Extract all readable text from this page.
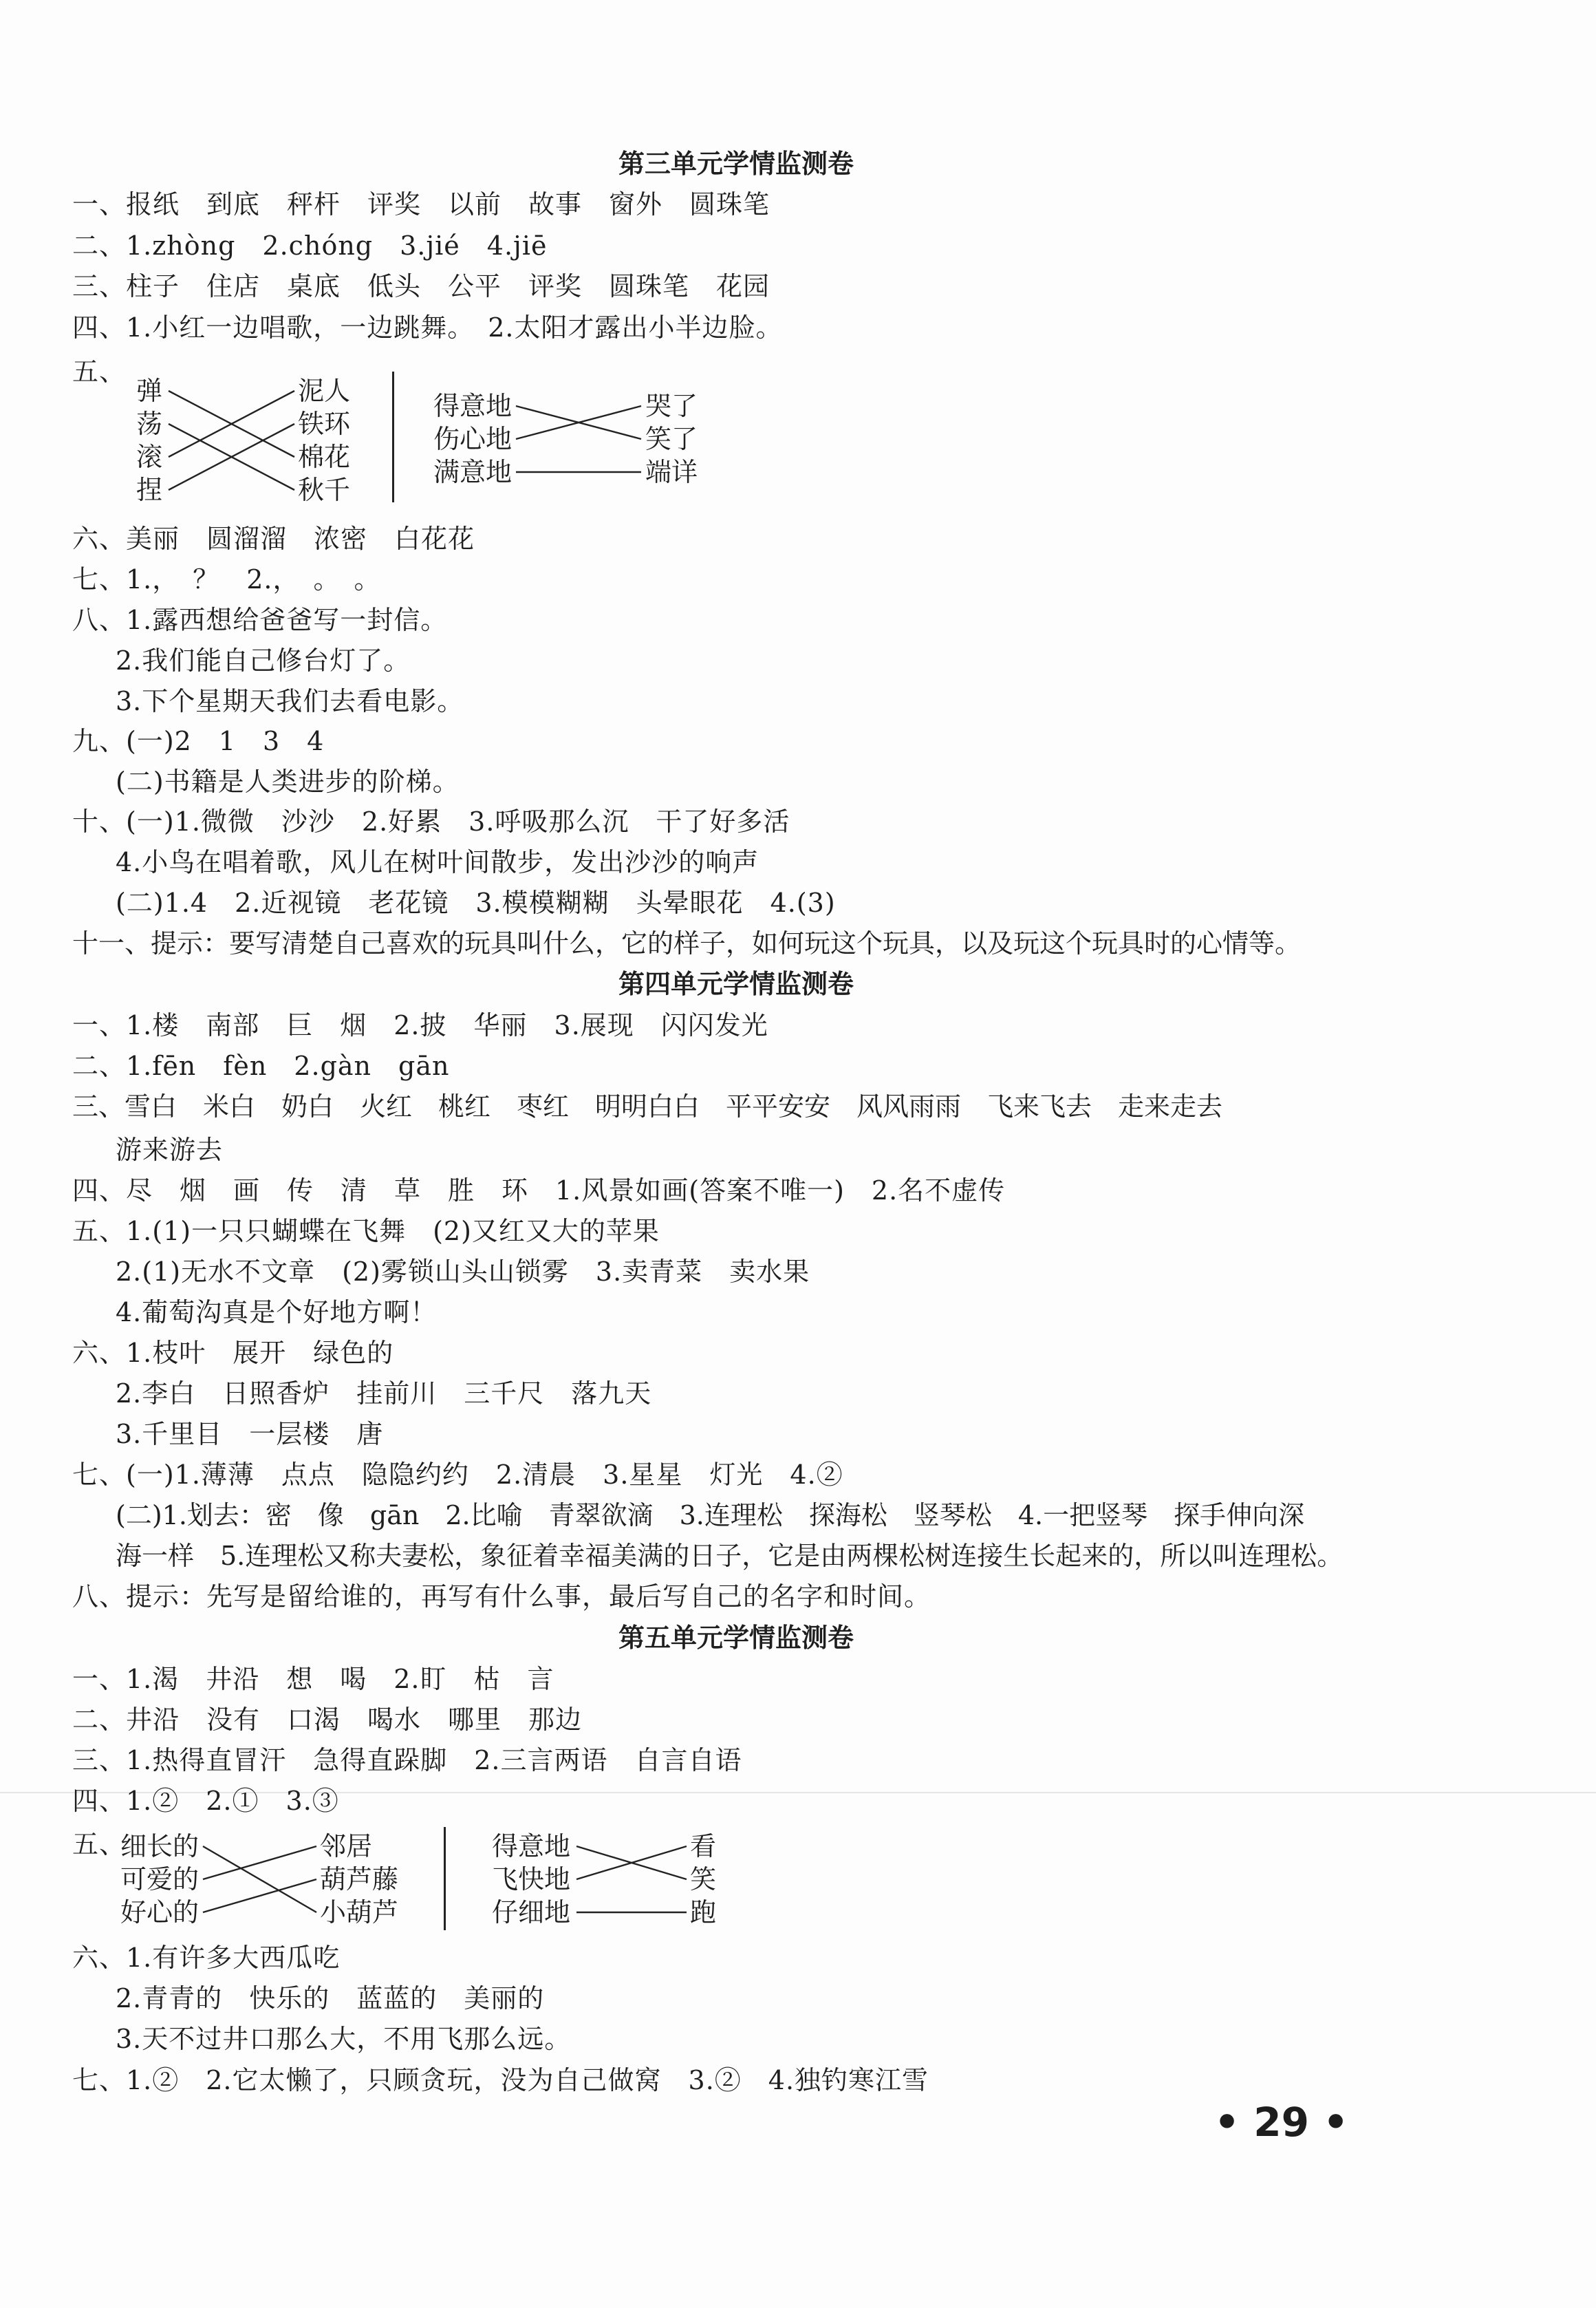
第三单元学情监测卷
一、报纸　到底　秤杆　评奖　以前　故事　窗外　圆珠笔
二、1.zhòng　2.chóng　3.jié　4.jiē
三、柱子　住店　桌底　低头　公平　评奖　圆珠笔　花园
四、1.小红一边唱歌，一边跳舞。　2.太阳才露出小半边脸。
五、
弹
荡
滚
捏
泥人
铁环
棉花
秋千
得意地
伤心地
满意地
哭了
笑了
端详
六、美丽　圆溜溜　浓密　白花花
七、1.，　？　2.，　。　。
八、1.露西想给爸爸写一封信。
2.我们能自己修台灯了。
3.下个星期天我们去看电影。
九、(一)2　1　3　4
(二)书籍是人类进步的阶梯。
十、(一)1.微微　沙沙　2.好累　3.呼吸那么沉　干了好多活
4.小鸟在唱着歌，风儿在树叶间散步，发出沙沙的响声
(二)1.4　2.近视镜　老花镜　3.模模糊糊　头晕眼花　4.(3)
十一、提示：要写清楚自己喜欢的玩具叫什么，它的样子，如何玩这个玩具，以及玩这个玩具时的心情等。
第四单元学情监测卷
一、1.楼　南部　巨　烟　2.披　华丽　3.展现　闪闪发光
二、1.fēn　fèn　2.gàn　gān
三、雪白　米白　奶白　火红　桃红　枣红　明明白白　平平安安　风风雨雨　飞来飞去　走来走去
游来游去
四、尽　烟　画　传　清　草　胜　环　1.风景如画(答案不唯一)　2.名不虚传
五、1.(1)一只只蝴蝶在飞舞　(2)又红又大的苹果
2.(1)无水不文章　(2)雾锁山头山锁雾　3.卖青菜　卖水果
4.葡萄沟真是个好地方啊！
六、1.枝叶　展开　绿色的
2.李白　日照香炉　挂前川　三千尺　落九天
3.千里目　一层楼　唐
七、(一)1.薄薄　点点　隐隐约约　2.清晨　3.星星　灯光　4.②
(二)1.划去：密　像　gān　2.比喻　青翠欲滴　3.连理松　探海松　竖琴松　4.一把竖琴　探手伸向深
海一样　5.连理松又称夫妻松，象征着幸福美满的日子，它是由两棵松树连接生长起来的，所以叫连理松。
八、提示：先写是留给谁的，再写有什么事，最后写自己的名字和时间。
第五单元学情监测卷
一、1.渴　井沿　想　喝　2.盯　枯　言
二、井沿　没有　口渴　喝水　哪里　那边
三、1.热得直冒汗　急得直跺脚　2.三言两语　自言自语
四、1.②　2.①　3.③
五、
细长的
可爱的
好心的
邻居
葫芦藤
小葫芦
得意地
飞快地
仔细地
看
笑
跑
六、1.有许多大西瓜吃
2.青青的　快乐的　蓝蓝的　美丽的
3.天不过井口那么大，不用飞那么远。
七、1.②　2.它太懒了，只顾贪玩，没为自己做窝　3.②　4.独钓寒江雪
• 29 •
